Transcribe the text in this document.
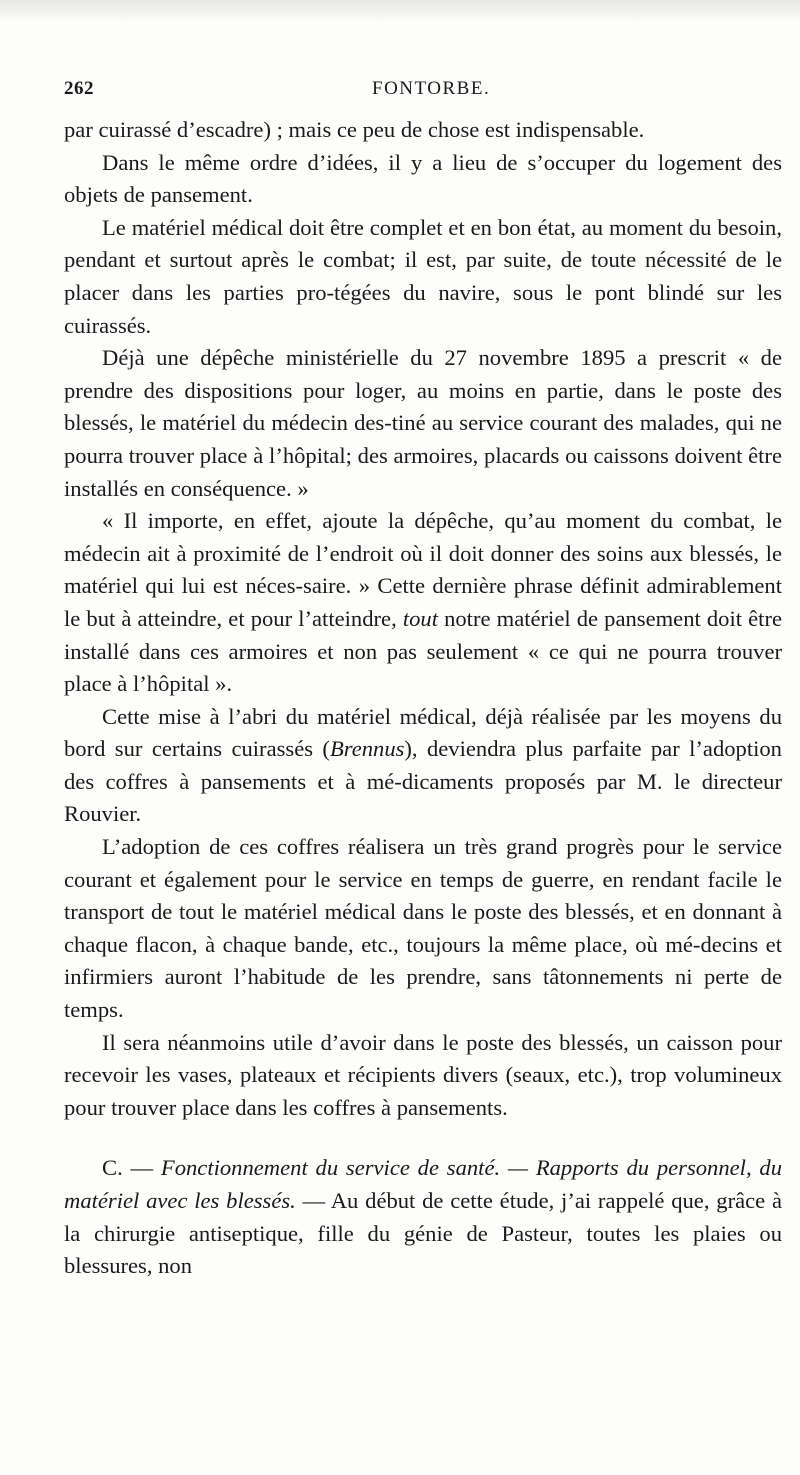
262	FONTORBE.

par cuirassé d’escadre) ; mais ce peu de chose est indispensable.

Dans le même ordre d’idées, il y a lieu de s’occuper du logement des objets de pansement.

Le matériel médical doit être complet et en bon état, au moment du besoin, pendant et surtout après le combat; il est, par suite, de toute nécessité de le placer dans les parties pro-tégées du navire, sous le pont blindé sur les cuirassés.

Déjà une dépêche ministérielle du 27 novembre 1895 a prescrit « de prendre des dispositions pour loger, au moins en partie, dans le poste des blessés, le matériel du médecin des-tiné au service courant des malades, qui ne pourra trouver place à l’hôpital; des armoires, placards ou caissons doivent être installés en conséquence. »

« Il importe, en effet, ajoute la dépêche, qu’au moment du combat, le médecin ait à proximité de l’endroit où il doit donner des soins aux blessés, le matériel qui lui est néces-saire. » Cette dernière phrase définit admirablement le but à atteindre, et pour l’atteindre, tout notre matériel de pansement doit être installé dans ces armoires et non pas seulement « ce qui ne pourra trouver place à l’hôpital ».

Cette mise à l’abri du matériel médical, déjà réalisée par les moyens du bord sur certains cuirassés (Brennus), deviendra plus parfaite par l’adoption des coffres à pansements et à mé-dicaments proposés par M. le directeur Rouvier.

L’adoption de ces coffres réalisera un très grand progrès pour le service courant et également pour le service en temps de guerre, en rendant facile le transport de tout le matériel médical dans le poste des blessés, et en donnant à chaque flacon, à chaque bande, etc., toujours la même place, où mé-decins et infirmiers auront l’habitude de les prendre, sans tâtonnements ni perte de temps.

Il sera néanmoins utile d’avoir dans le poste des blessés, un caisson pour recevoir les vases, plateaux et récipients divers (seaux, etc.), trop volumineux pour trouver place dans les coffres à pansements.

C. — Fonctionnement du service de santé. — Rapports du personnel, du matériel avec les blessés. — Au début de cette étude, j’ai rappelé que, grâce à la chirurgie antiseptique, fille du génie de Pasteur, toutes les plaies ou blessures, non
